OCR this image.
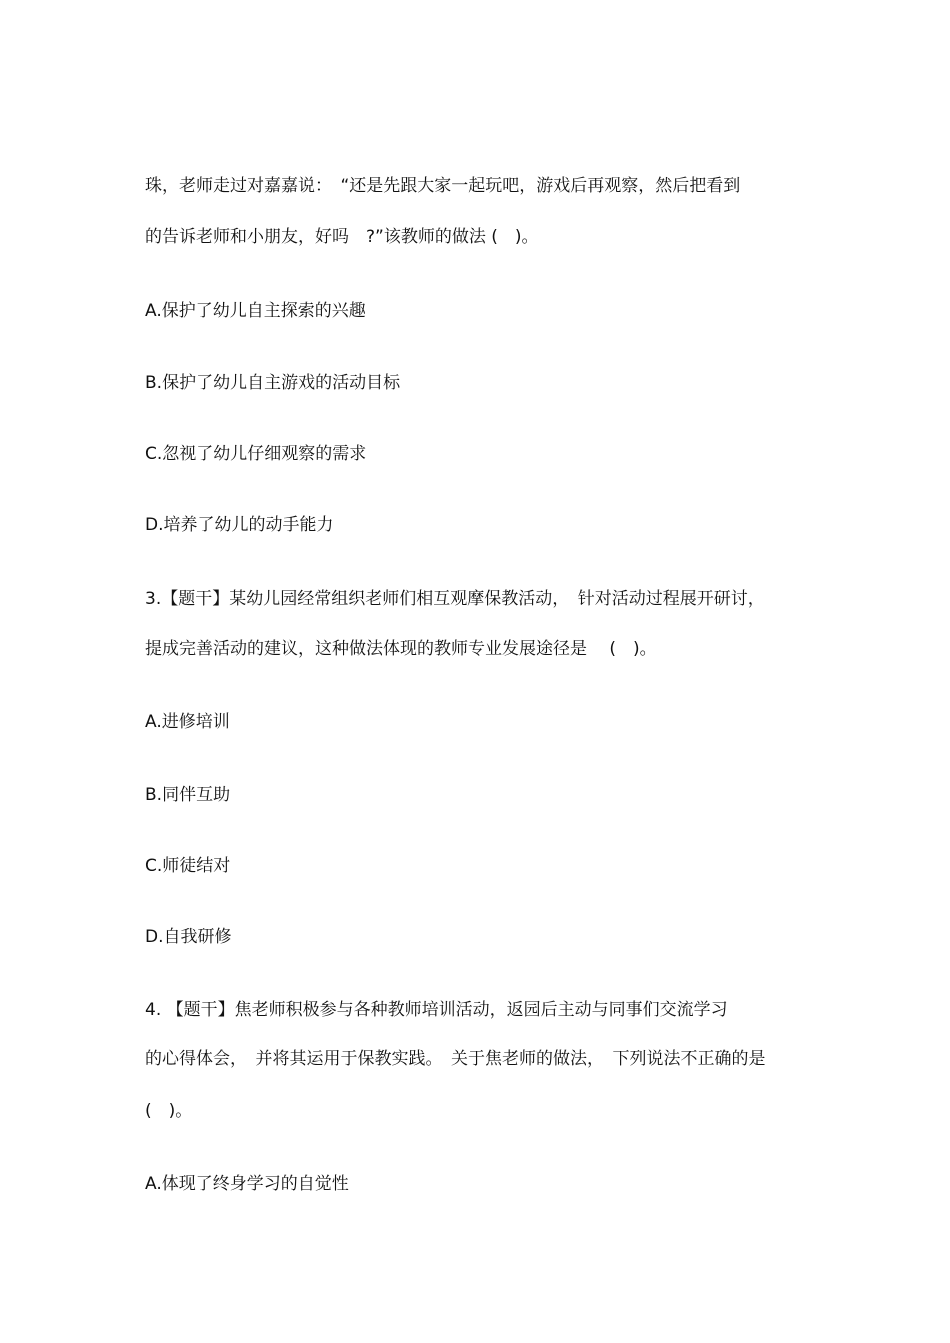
珠，老师走过对嘉嘉说：　“还是先跟大家一起玩吧，游戏后再观察，然后把看到
的告诉老师和小朋友，好吗　?”该教师的做法 (　)。
A.保护了幼儿自主探索的兴趣
B.保护了幼儿自主游戏的活动目标
C.忽视了幼儿仔细观察的需求
D.培养了幼儿的动手能力
3.【题干】某幼儿园经常组织老师们相互观摩保教活动，　针对活动过程展开研讨，
提成完善活动的建议，这种做法体现的教师专业发展途径是　 (　)。
A.进修培训
B.同伴互助
C.师徒结对
D.自我研修
4. 【题干】焦老师积极参与各种教师培训活动，返园后主动与同事们交流学习
的心得体会，　并将其运用于保教实践。　关于焦老师的做法，　下列说法不正确的是
(　)。
A.体现了终身学习的自觉性
